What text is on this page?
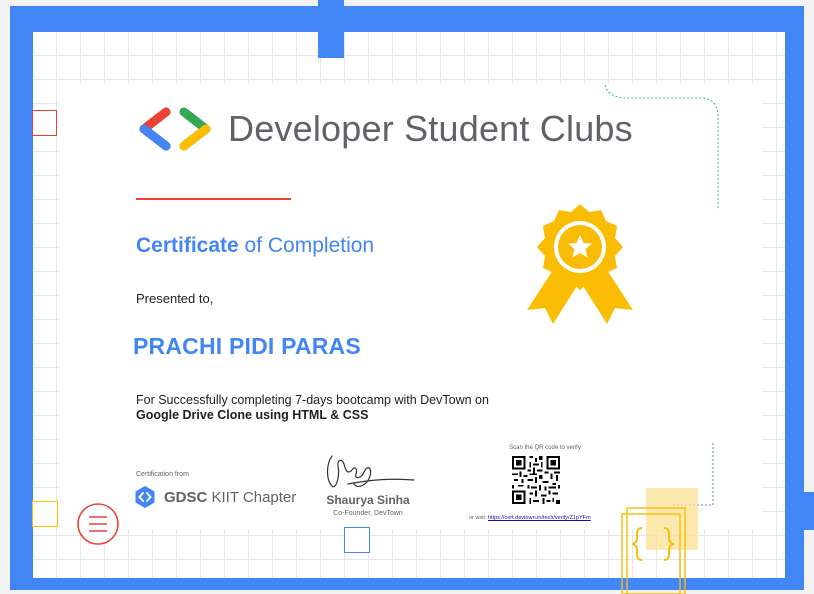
Developer Student Clubs
Certificate of Completion
Presented to,
PRACHI PIDI PARAS
For Successfully completing 7-days bootcamp with DevTown on
Google Drive Clone using HTML & CSS
Certification from
GDSC KIIT Chapter	Shaurya Sinha
Co-Founder, DevTown
Scan the QR code to verify
or visit: https://cert.devtown.in/tech/verify/Z1pYFm
